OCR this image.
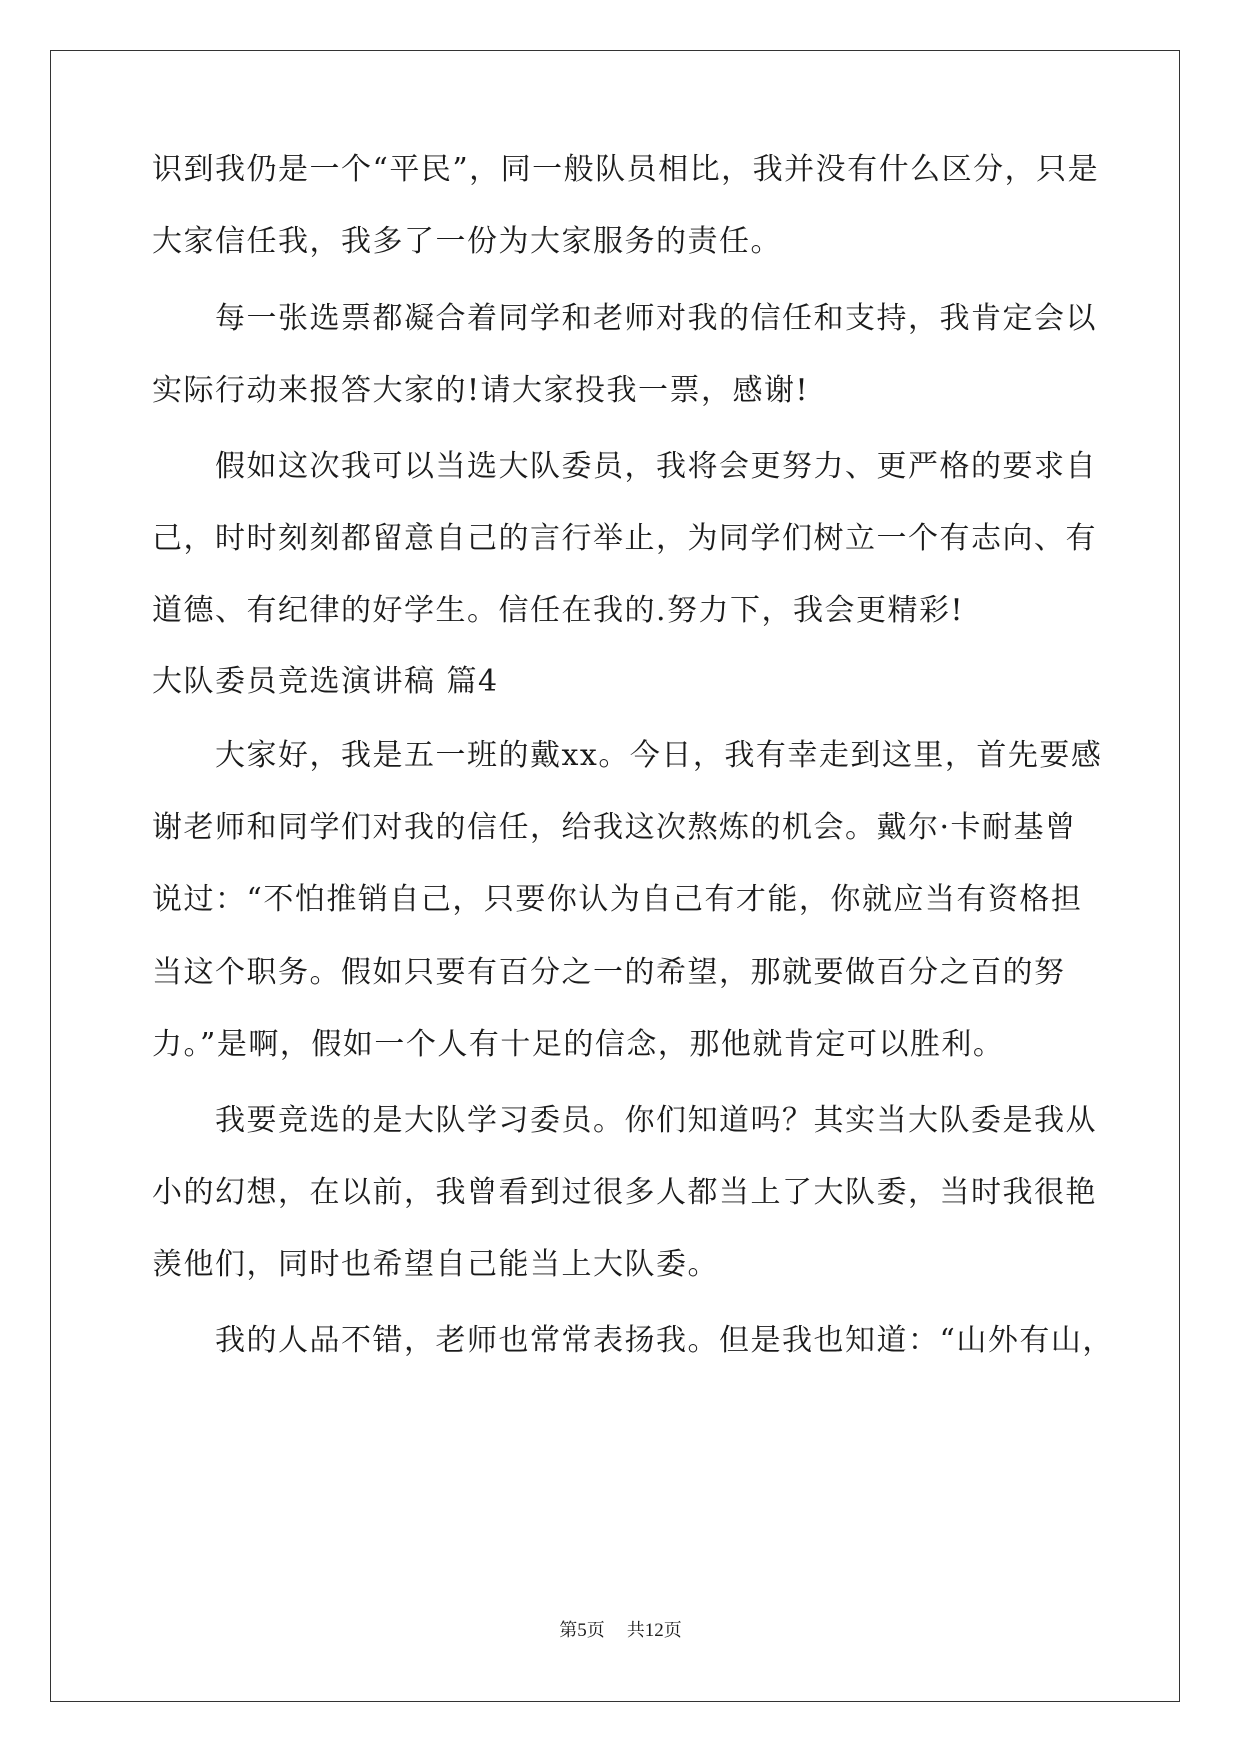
识到我仍是一个“平民”，同一般队员相比，我并没有什么区分，只是
大家信任我，我多了一份为大家服务的责任。
每一张选票都凝合着同学和老师对我的信任和支持，我肯定会以
实际行动来报答大家的!请大家投我一票，感谢!
假如这次我可以当选大队委员，我将会更努力、更严格的要求自
己，时时刻刻都留意自己的言行举止，为同学们树立一个有志向、有
道德、有纪律的好学生。信任在我的.努力下，我会更精彩!
大队委员竞选演讲稿 篇4
大家好，我是五一班的戴xx。今日，我有幸走到这里，首先要感
谢老师和同学们对我的信任，给我这次熬炼的机会。戴尔·卡耐基曾
说过：“不怕推销自己，只要你认为自己有才能，你就应当有资格担
当这个职务。假如只要有百分之一的希望，那就要做百分之百的努
力。”是啊，假如一个人有十足的信念，那他就肯定可以胜利。
我要竞选的是大队学习委员。你们知道吗？其实当大队委是我从
小的幻想，在以前，我曾看到过很多人都当上了大队委，当时我很艳
羡他们，同时也希望自己能当上大队委。
我的人品不错，老师也常常表扬我。但是我也知道：“山外有山，
第5页 共12页
